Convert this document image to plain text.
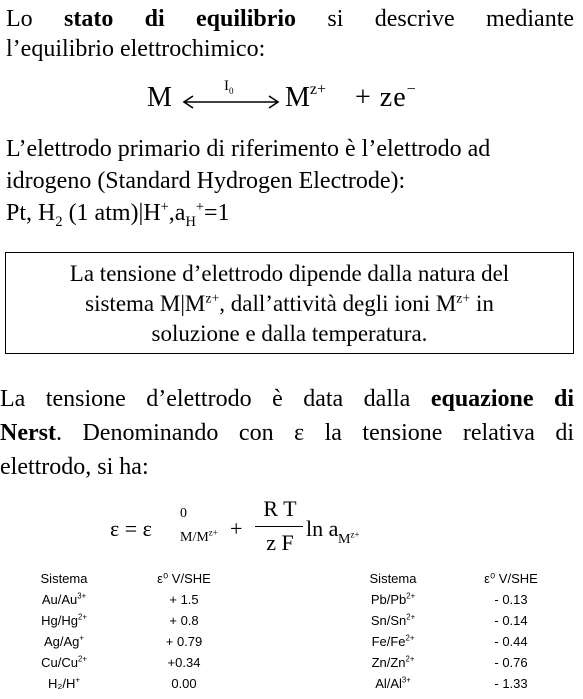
Lo stato di equilibrio si descrive mediante
l’equilibrio elettrochimico:
M	$I_0$ $M^{z+} + ze^-$
L’elettrodo primario di riferimento è l’elettrodo ad
idrogeno (Standard Hydrogen Electrode):
Pt, $H_2$ (1 $atm)|H^+,a_H^+=1$
La tensione d’elettrodo dipende dalla natura del
sistema $M|M^{z+}$, dall’attività degli ioni $M^{z+}$ in
soluzione e dalla temperatura.
La tensione d’elettrodo è data dalla equazione di
Nerst. Denominando con ε la tensione relativa di
elettrodo, si ha:
ε = ε
0
$M/M^{z+}$ +
R T
z F
ln a $M^{z+}$
Sistema	ε⁰ V/SHE
$Au/Au^{3+}$	+ 1.5
$Hg/Hg^{2+}$	+ 0.8
Ag/Ag+	+ 0.79
$Cu/Cu^{2+}$	+0.34
H₂/H+	0.00
Sistema	ε⁰ V/SHE
$Pb/Pb^{2+}$	- 0.13
$Sn/Sn^{2+}$	- 0.14
$Fe/Fe^{2+}$	- 0.44
$Zn/Zn^{2+}$	- 0.76
$Al/Al^{3+}$	- 1.33
